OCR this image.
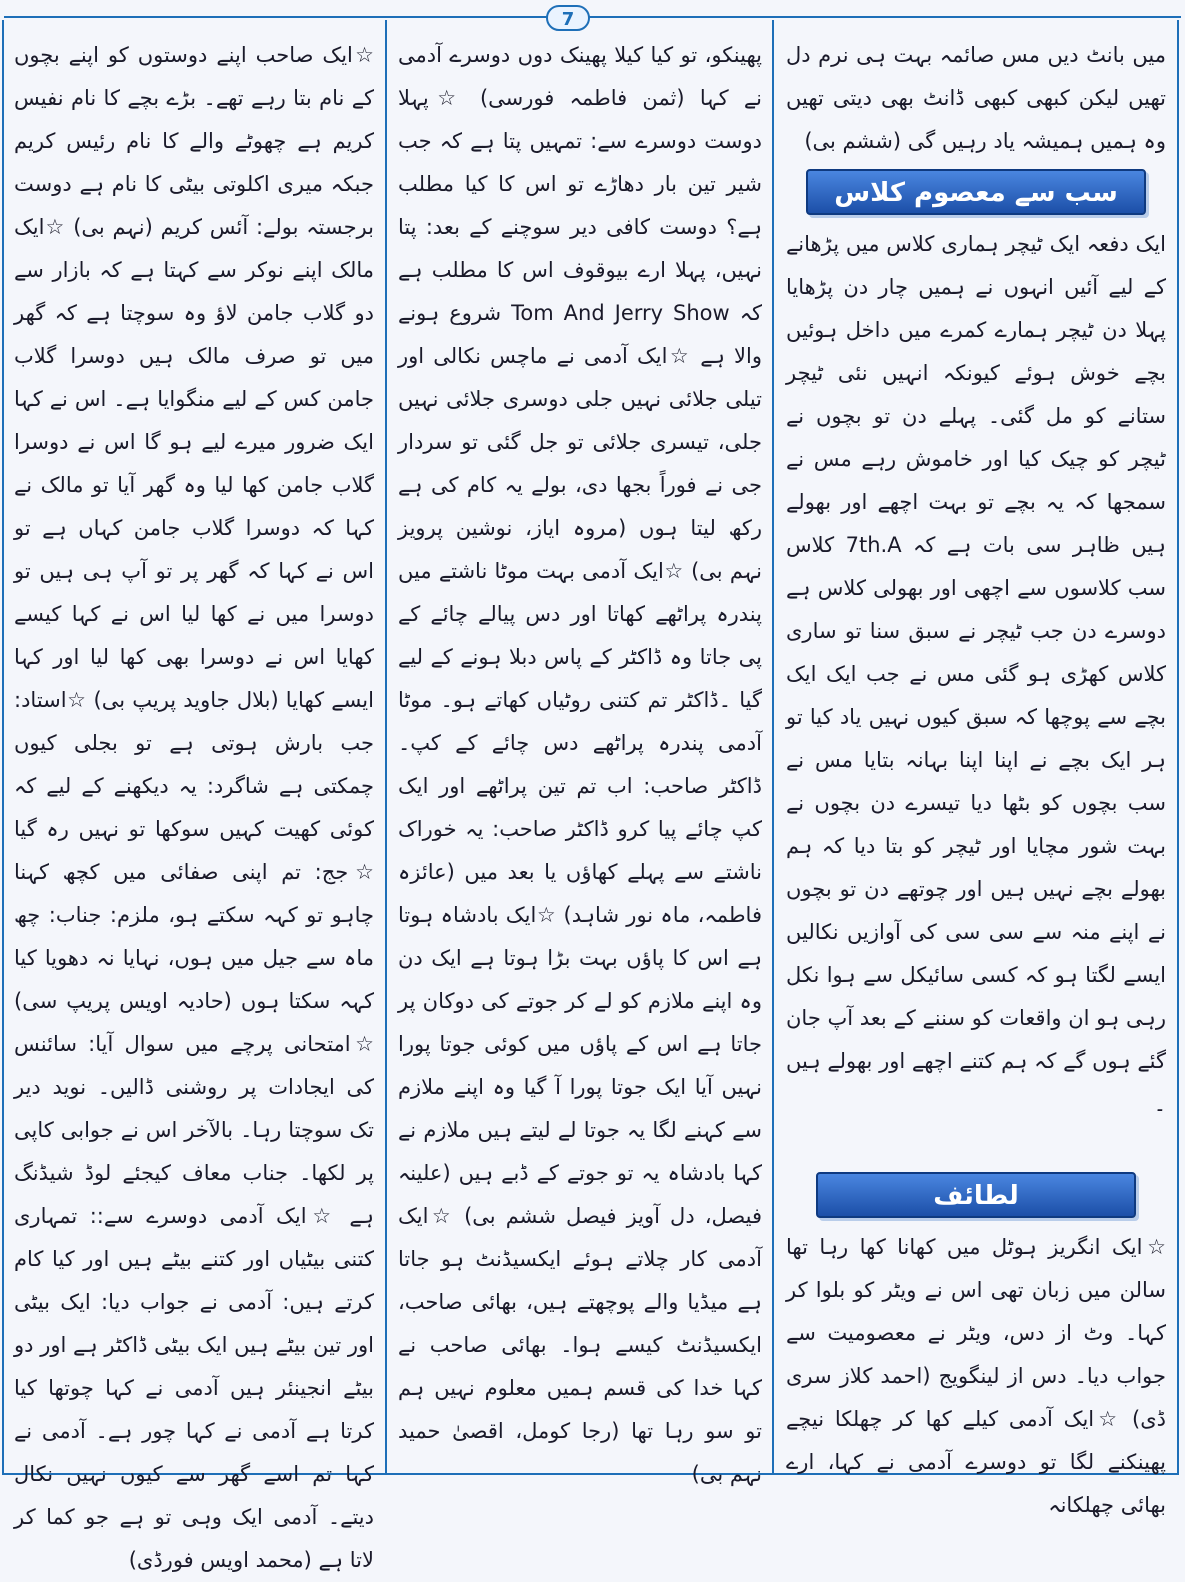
7

میں بانٹ دیں مس صائمہ بہت ہی نرم دل تھیں لیکن کبھی کبھی ڈانٹ بھی دیتی تھیں وہ ہمیں ہمیشہ یاد رہیں گی (ششم بی)

سب سے معصوم کلاس

ایک دفعہ ایک ٹیچر ہماری کلاس میں پڑھانے کے لیے آئیں انہوں نے ہمیں چار دن پڑھایا پہلا دن ٹیچر ہمارے کمرے میں داخل ہوئیں بچے خوش ہوئے کیونکہ انہیں نئی ٹیچر ستانے کو مل گئی۔ پہلے دن تو بچوں نے ٹیچر کو چیک کیا اور خاموش رہے مس نے سمجھا کہ یہ بچے تو بہت اچھے اور بھولے ہیں ظاہر سی بات ہے کہ 7th.A کلاس سب کلاسوں سے اچھی اور بھولی کلاس ہے دوسرے دن جب ٹیچر نے سبق سنا تو ساری کلاس کھڑی ہو گئی مس نے جب ایک ایک بچے سے پوچھا کہ سبق کیوں نہیں یاد کیا تو ہر ایک بچے نے اپنا اپنا بہانہ بتایا مس نے سب بچوں کو بٹھا دیا تیسرے دن بچوں نے بہت شور مچایا اور ٹیچر کو بتا دیا کہ ہم بھولے بچے نہیں ہیں اور چوتھے دن تو بچوں نے اپنے منہ سے سی سی کی آوازیں نکالیں ایسے لگتا ہو کہ کسی سائیکل سے ہوا نکل رہی ہو ان واقعات کو سننے کے بعد آپ جان گئے ہوں گے کہ ہم کتنے اچھے اور بھولے ہیں ۔

لطائف

☆ایک انگریز ہوٹل میں کھانا کھا رہا تھا سالن میں زبان تھی اس نے ویٹر کو بلوا کر کہا۔ وٹ از دس، ویٹر نے معصومیت سے جواب دیا۔ دس از لینگویج (احمد کلاز سری ڈی) ☆ایک آدمی کیلے کھا کر چھلکا نیچے پھینکنے لگا تو دوسرے آدمی نے کہا، ارے بھائی چھلکانہ

پھینکو، تو کیا کیلا پھینک دوں دوسرے آدمی نے کہا (ثمن فاطمہ فورسی) ☆پہلا دوست دوسرے سے: تمہیں پتا ہے کہ جب شیر تین بار دھاڑے تو اس کا کیا مطلب ہے؟ دوست کافی دیر سوچنے کے بعد: پتا نہیں، پہلا ارے بیوقوف اس کا مطلب ہے کہ Tom And Jerry Show شروع ہونے والا ہے ☆ایک آدمی نے ماچس نکالی اور تیلی جلائی نہیں جلی دوسری جلائی نہیں جلی، تیسری جلائی تو جل گئی تو سردار جی نے فوراً بجھا دی، بولے یہ کام کی ہے رکھ لیتا ہوں (مروہ ایاز، نوشین پرویز نہم بی) ☆ایک آدمی بہت موٹا ناشتے میں پندرہ پراٹھے کھاتا اور دس پیالے چائے کے پی جاتا وہ ڈاکٹر کے پاس دبلا ہونے کے لیے گیا ۔ڈاکٹر تم کتنی روٹیاں کھاتے ہو۔ موٹا آدمی پندرہ پراٹھے دس چائے کے کپ۔ ڈاکٹر صاحب: اب تم تین پراٹھے اور ایک کپ چائے پیا کرو ڈاکٹر صاحب: یہ خوراک ناشتے سے پہلے کھاؤں یا بعد میں (عائزہ فاطمہ، ماہ نور شاہد) ☆ایک بادشاہ ہوتا ہے اس کا پاؤں بہت بڑا ہوتا ہے ایک دن وہ اپنے ملازم کو لے کر جوتے کی دوکان پر جاتا ہے اس کے پاؤں میں کوئی جوتا پورا نہیں آیا ایک جوتا پورا آ گیا وہ اپنے ملازم سے کہنے لگا یہ جوتا لے لیتے ہیں ملازم نے کہا بادشاہ یہ تو جوتے کے ڈبے ہیں (علینہ فیصل، دل آویز فیصل ششم بی) ☆ایک آدمی کار چلاتے ہوئے ایکسیڈنٹ ہو جاتا ہے میڈیا والے پوچھتے ہیں، بھائی صاحب، ایکسیڈنٹ کیسے ہوا۔ بھائی صاحب نے کہا خدا کی قسم ہمیں معلوم نہیں ہم تو سو رہا تھا (رجا کومل، اقصیٰ حمید نہم بی)

☆ایک صاحب اپنے دوستوں کو اپنے بچوں کے نام بتا رہے تھے۔ بڑے بچے کا نام نفیس کریم ہے چھوٹے والے کا نام رئیس کریم جبکہ میری اکلوتی بیٹی کا نام ہے دوست برجستہ بولے: آئس کریم (نہم بی) ☆ایک مالک اپنے نوکر سے کہتا ہے کہ بازار سے دو گلاب جامن لاؤ وہ سوچتا ہے کہ گھر میں تو صرف مالک ہیں دوسرا گلاب جامن کس کے لیے منگوایا ہے۔ اس نے کہا ایک ضرور میرے لیے ہو گا اس نے دوسرا گلاب جامن کھا لیا وہ گھر آیا تو مالک نے کہا کہ دوسرا گلاب جامن کہاں ہے تو اس نے کہا کہ گھر پر تو آپ ہی ہیں تو دوسرا میں نے کھا لیا اس نے کہا کیسے کھایا اس نے دوسرا بھی کھا لیا اور کہا ایسے کھایا (بلال جاوید پریپ بی) ☆استاد: جب بارش ہوتی ہے تو بجلی کیوں چمکتی ہے شاگرد: یہ دیکھنے کے لیے کہ کوئی کھیت کہیں سوکھا تو نہیں رہ گیا ☆جج: تم اپنی صفائی میں کچھ کہنا چاہو تو کہہ سکتے ہو، ملزم: جناب: چھ ماہ سے جیل میں ہوں، نہایا نہ دھویا کیا کہہ سکتا ہوں (حادیہ اویس پریپ سی) ☆امتحانی پرچے میں سوال آیا: سائنس کی ایجادات پر روشنی ڈالیں۔ نوید دیر تک سوچتا رہا۔ بالآخر اس نے جوابی کاپی پر لکھا۔ جناب معاف کیجئے لوڈ شیڈنگ ہے ☆ایک آدمی دوسرے سے:: تمہاری کتنی بیٹیاں اور کتنے بیٹے ہیں اور کیا کام کرتے ہیں: آدمی نے جواب دیا: ایک بیٹی اور تین بیٹے ہیں ایک بیٹی ڈاکٹر ہے اور دو بیٹے انجینئر ہیں آدمی نے کہا چوتھا کیا کرتا ہے آدمی نے کہا چور ہے۔ آدمی نے کہا تم اسے گھر سے کیوں نہیں نکال دیتے۔ آدمی ایک وہی تو ہے جو کما کر لاتا ہے (محمد اویس فورڈی)
